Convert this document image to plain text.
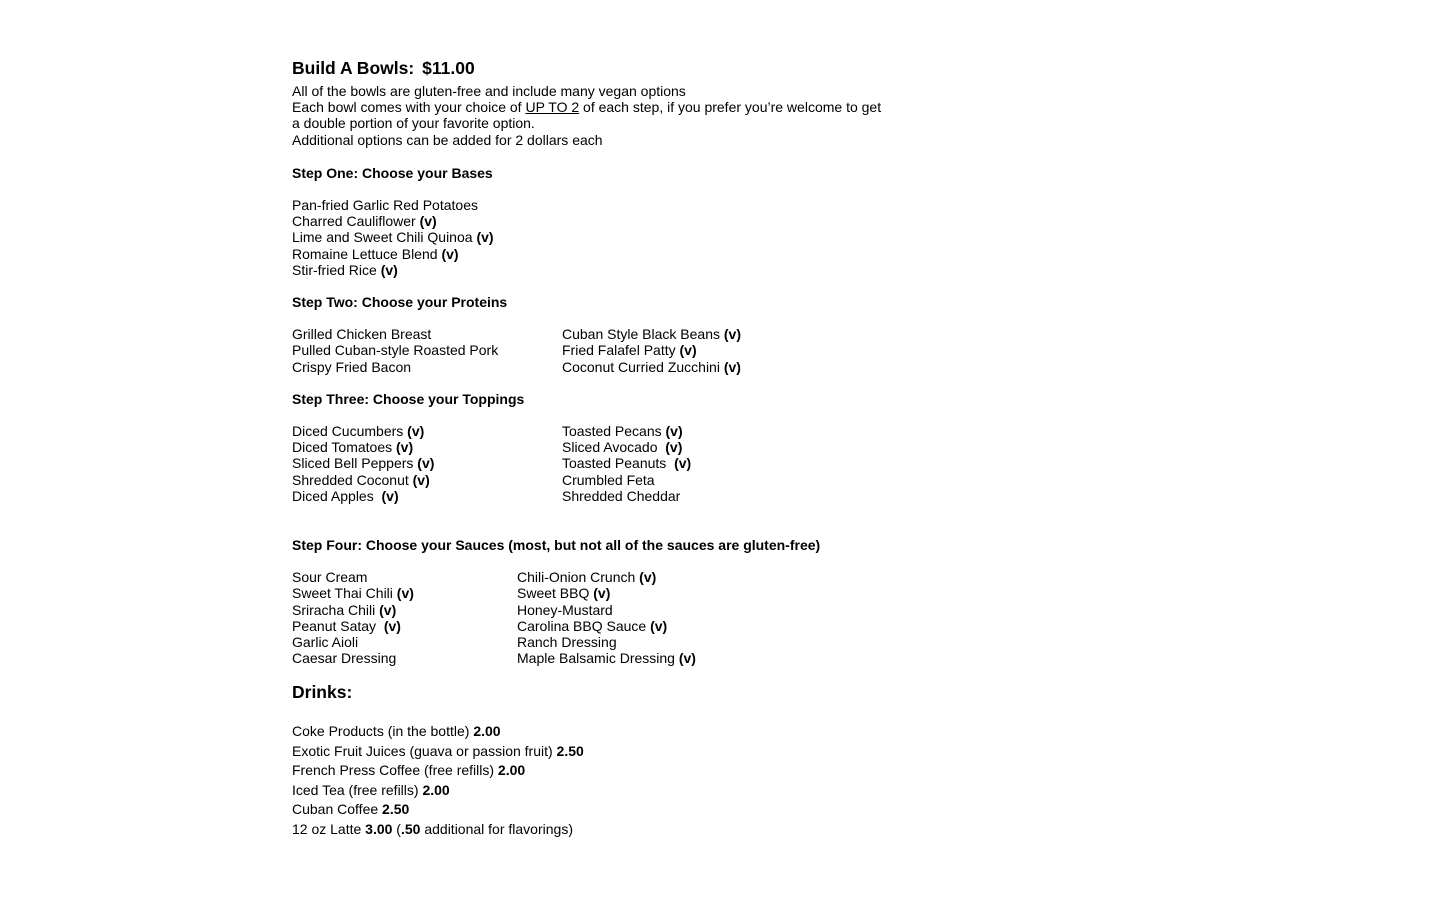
Build A Bowls: $11.00
All of the bowls are gluten-free and include many vegan options
Each bowl comes with your choice of UP TO 2 of each step, if you prefer you’re welcome to get
a double portion of your favorite option.
Additional options can be added for 2 dollars each
Step One: Choose your Bases
Pan-fried Garlic Red Potatoes
Charred Cauliflower (v)
Lime and Sweet Chili Quinoa (v)
Romaine Lettuce Blend (v)
Stir-fried Rice (v)
Step Two: Choose your Proteins
Grilled Chicken Breast
Pulled Cuban-style Roasted Pork
Crispy Fried Bacon
Cuban Style Black Beans (v)
Fried Falafel Patty (v)
Coconut Curried Zucchini (v)
Step Three: Choose your Toppings
Diced Cucumbers (v)
Diced Tomatoes (v)
Sliced Bell Peppers (v)
Shredded Coconut (v)
Diced Apples  (v)
Toasted Pecans (v)
Sliced Avocado  (v)
Toasted Peanuts  (v)
Crumbled Feta
Shredded Cheddar
Step Four: Choose your Sauces (most, but not all of the sauces are gluten-free)
Sour Cream
Sweet Thai Chili (v)
Sriracha Chili (v)
Peanut Satay  (v)
Garlic Aioli
Caesar Dressing
Chili-Onion Crunch (v)
Sweet BBQ (v)
Honey-Mustard
Carolina BBQ Sauce (v)
Ranch Dressing
Maple Balsamic Dressing (v)
Drinks:
Coke Products (in the bottle) 2.00
Exotic Fruit Juices (guava or passion fruit) 2.50
French Press Coffee (free refills) 2.00
Iced Tea (free refills) 2.00
Cuban Coffee 2.50
12 oz Latte 3.00 (.50 additional for flavorings)
